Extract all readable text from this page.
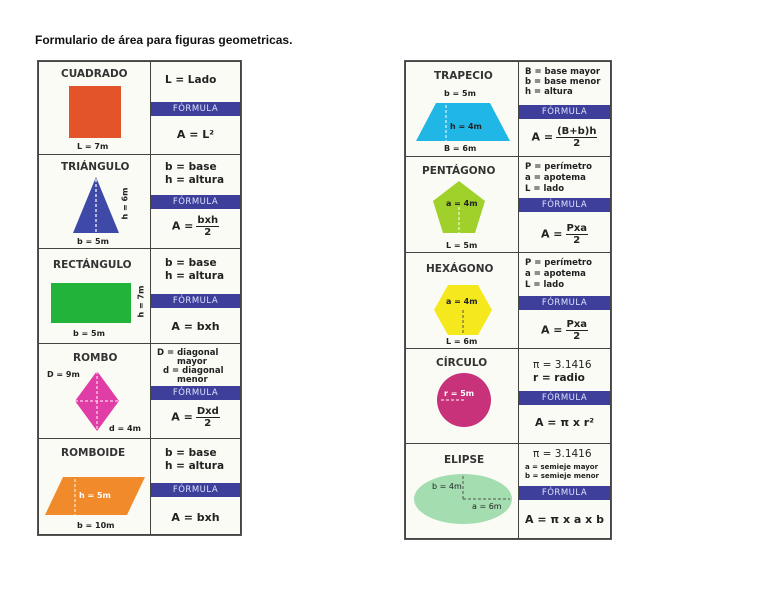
Formulario de área para figuras geometricas.
CUADRADO
L = 7m
L = Lado
FÓRMULA
A = L²
TRIÁNGULO
h = 6m
b = 5m
b = base
h = altura
FÓRMULA
$A = \frac{\text{bxh}}{2}$
RECTÁNGULO
h = 7m
b = 5m
b = base
h = altura
FÓRMULA
A = bxh
ROMBO
D = 9m
d = 4m
D = diagonal
mayor
d = diagonal
menor
FÓRMULA
$A = \frac{\text{Dxd}}{2}$
ROMBOIDE
h = 5m
b = 10m
b = base
h = altura
FÓRMULA
A = bxh
TRAPECIO
b = 5m
h = 4m
B = 6m
B = base mayor
b = base menor
h = altura
FÓRMULA
$A = \frac{(B+b)h}{2}$
PENTÁGONO
a = 4m
L = 5m
P = perímetro
a = apotema
L = lado
FÓRMULA
$A = \frac{\text{Pxa}}{2}$
HEXÁGONO
a = 4m
L = 6m
P = perímetro
a = apotema
L = lado
FÓRMULA
$A = \frac{\text{Pxa}}{2}$
CÍRCULO
r = 5m
π = 3.1416
r = radio
FÓRMULA
A = π x r²
ELIPSE
b = 4m
a = 6m
π = 3.1416
a = semieje mayor
b = semieje menor
FÓRMULA
A = π x a x b
